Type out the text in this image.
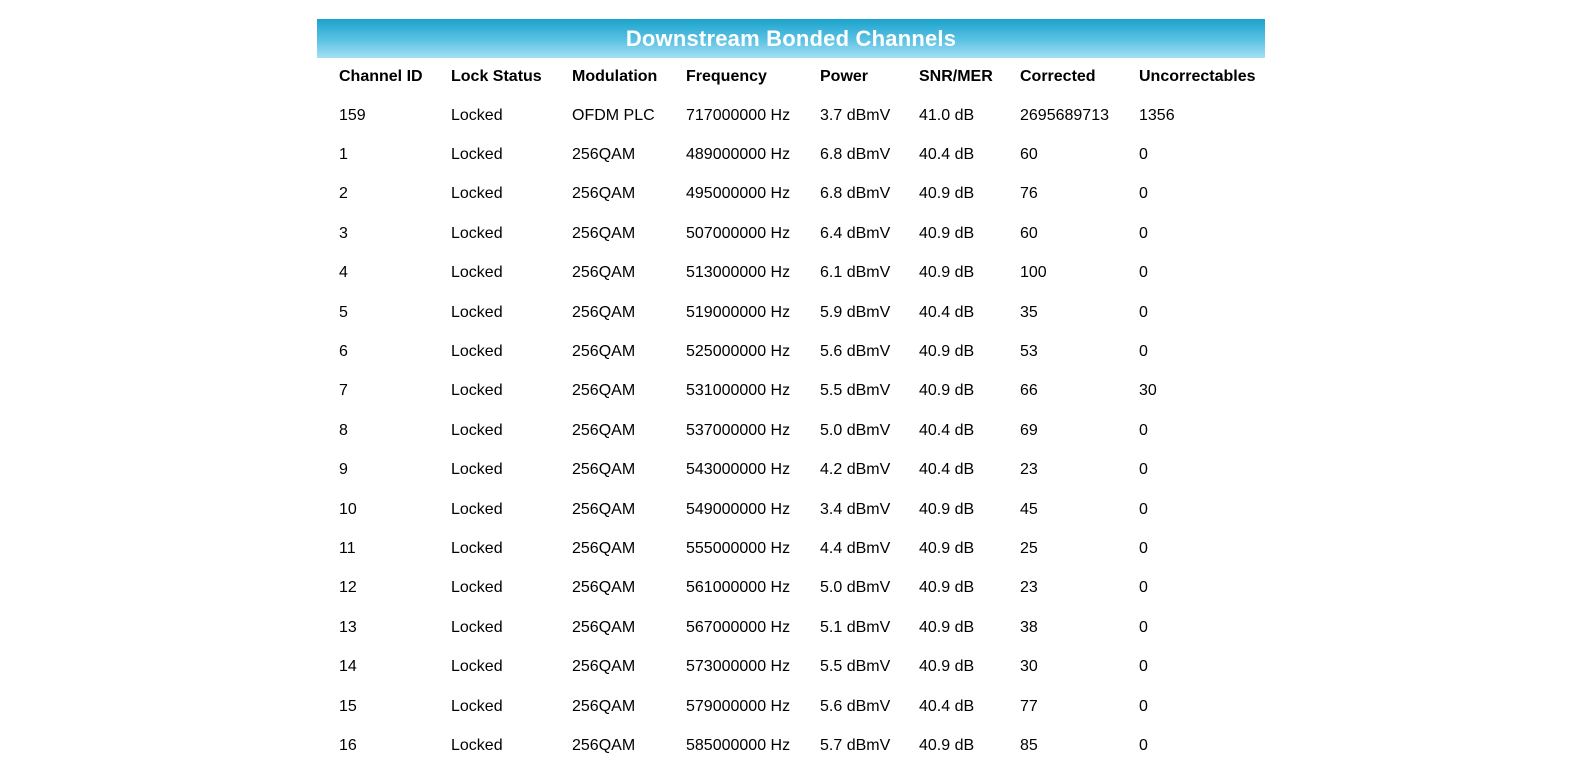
Downstream Bonded Channels
Channel ID	Lock Status	Modulation	Frequency	Power	SNR/MER	Corrected	Uncorrectables
159	Locked	OFDM PLC	717000000 Hz	3.7 dBmV	41.0 dB	2695689713	1356
1	Locked	256QAM	489000000 Hz	6.8 dBmV	40.4 dB	60	0
2	Locked	256QAM	495000000 Hz	6.8 dBmV	40.9 dB	76	0
3	Locked	256QAM	507000000 Hz	6.4 dBmV	40.9 dB	60	0
4	Locked	256QAM	513000000 Hz	6.1 dBmV	40.9 dB	100	0
5	Locked	256QAM	519000000 Hz	5.9 dBmV	40.4 dB	35	0
6	Locked	256QAM	525000000 Hz	5.6 dBmV	40.9 dB	53	0
7	Locked	256QAM	531000000 Hz	5.5 dBmV	40.9 dB	66	30
8	Locked	256QAM	537000000 Hz	5.0 dBmV	40.4 dB	69	0
9	Locked	256QAM	543000000 Hz	4.2 dBmV	40.4 dB	23	0
10	Locked	256QAM	549000000 Hz	3.4 dBmV	40.9 dB	45	0
11	Locked	256QAM	555000000 Hz	4.4 dBmV	40.9 dB	25	0
12	Locked	256QAM	561000000 Hz	5.0 dBmV	40.9 dB	23	0
13	Locked	256QAM	567000000 Hz	5.1 dBmV	40.9 dB	38	0
14	Locked	256QAM	573000000 Hz	5.5 dBmV	40.9 dB	30	0
15	Locked	256QAM	579000000 Hz	5.6 dBmV	40.4 dB	77	0
16	Locked	256QAM	585000000 Hz	5.7 dBmV	40.9 dB	85	0
